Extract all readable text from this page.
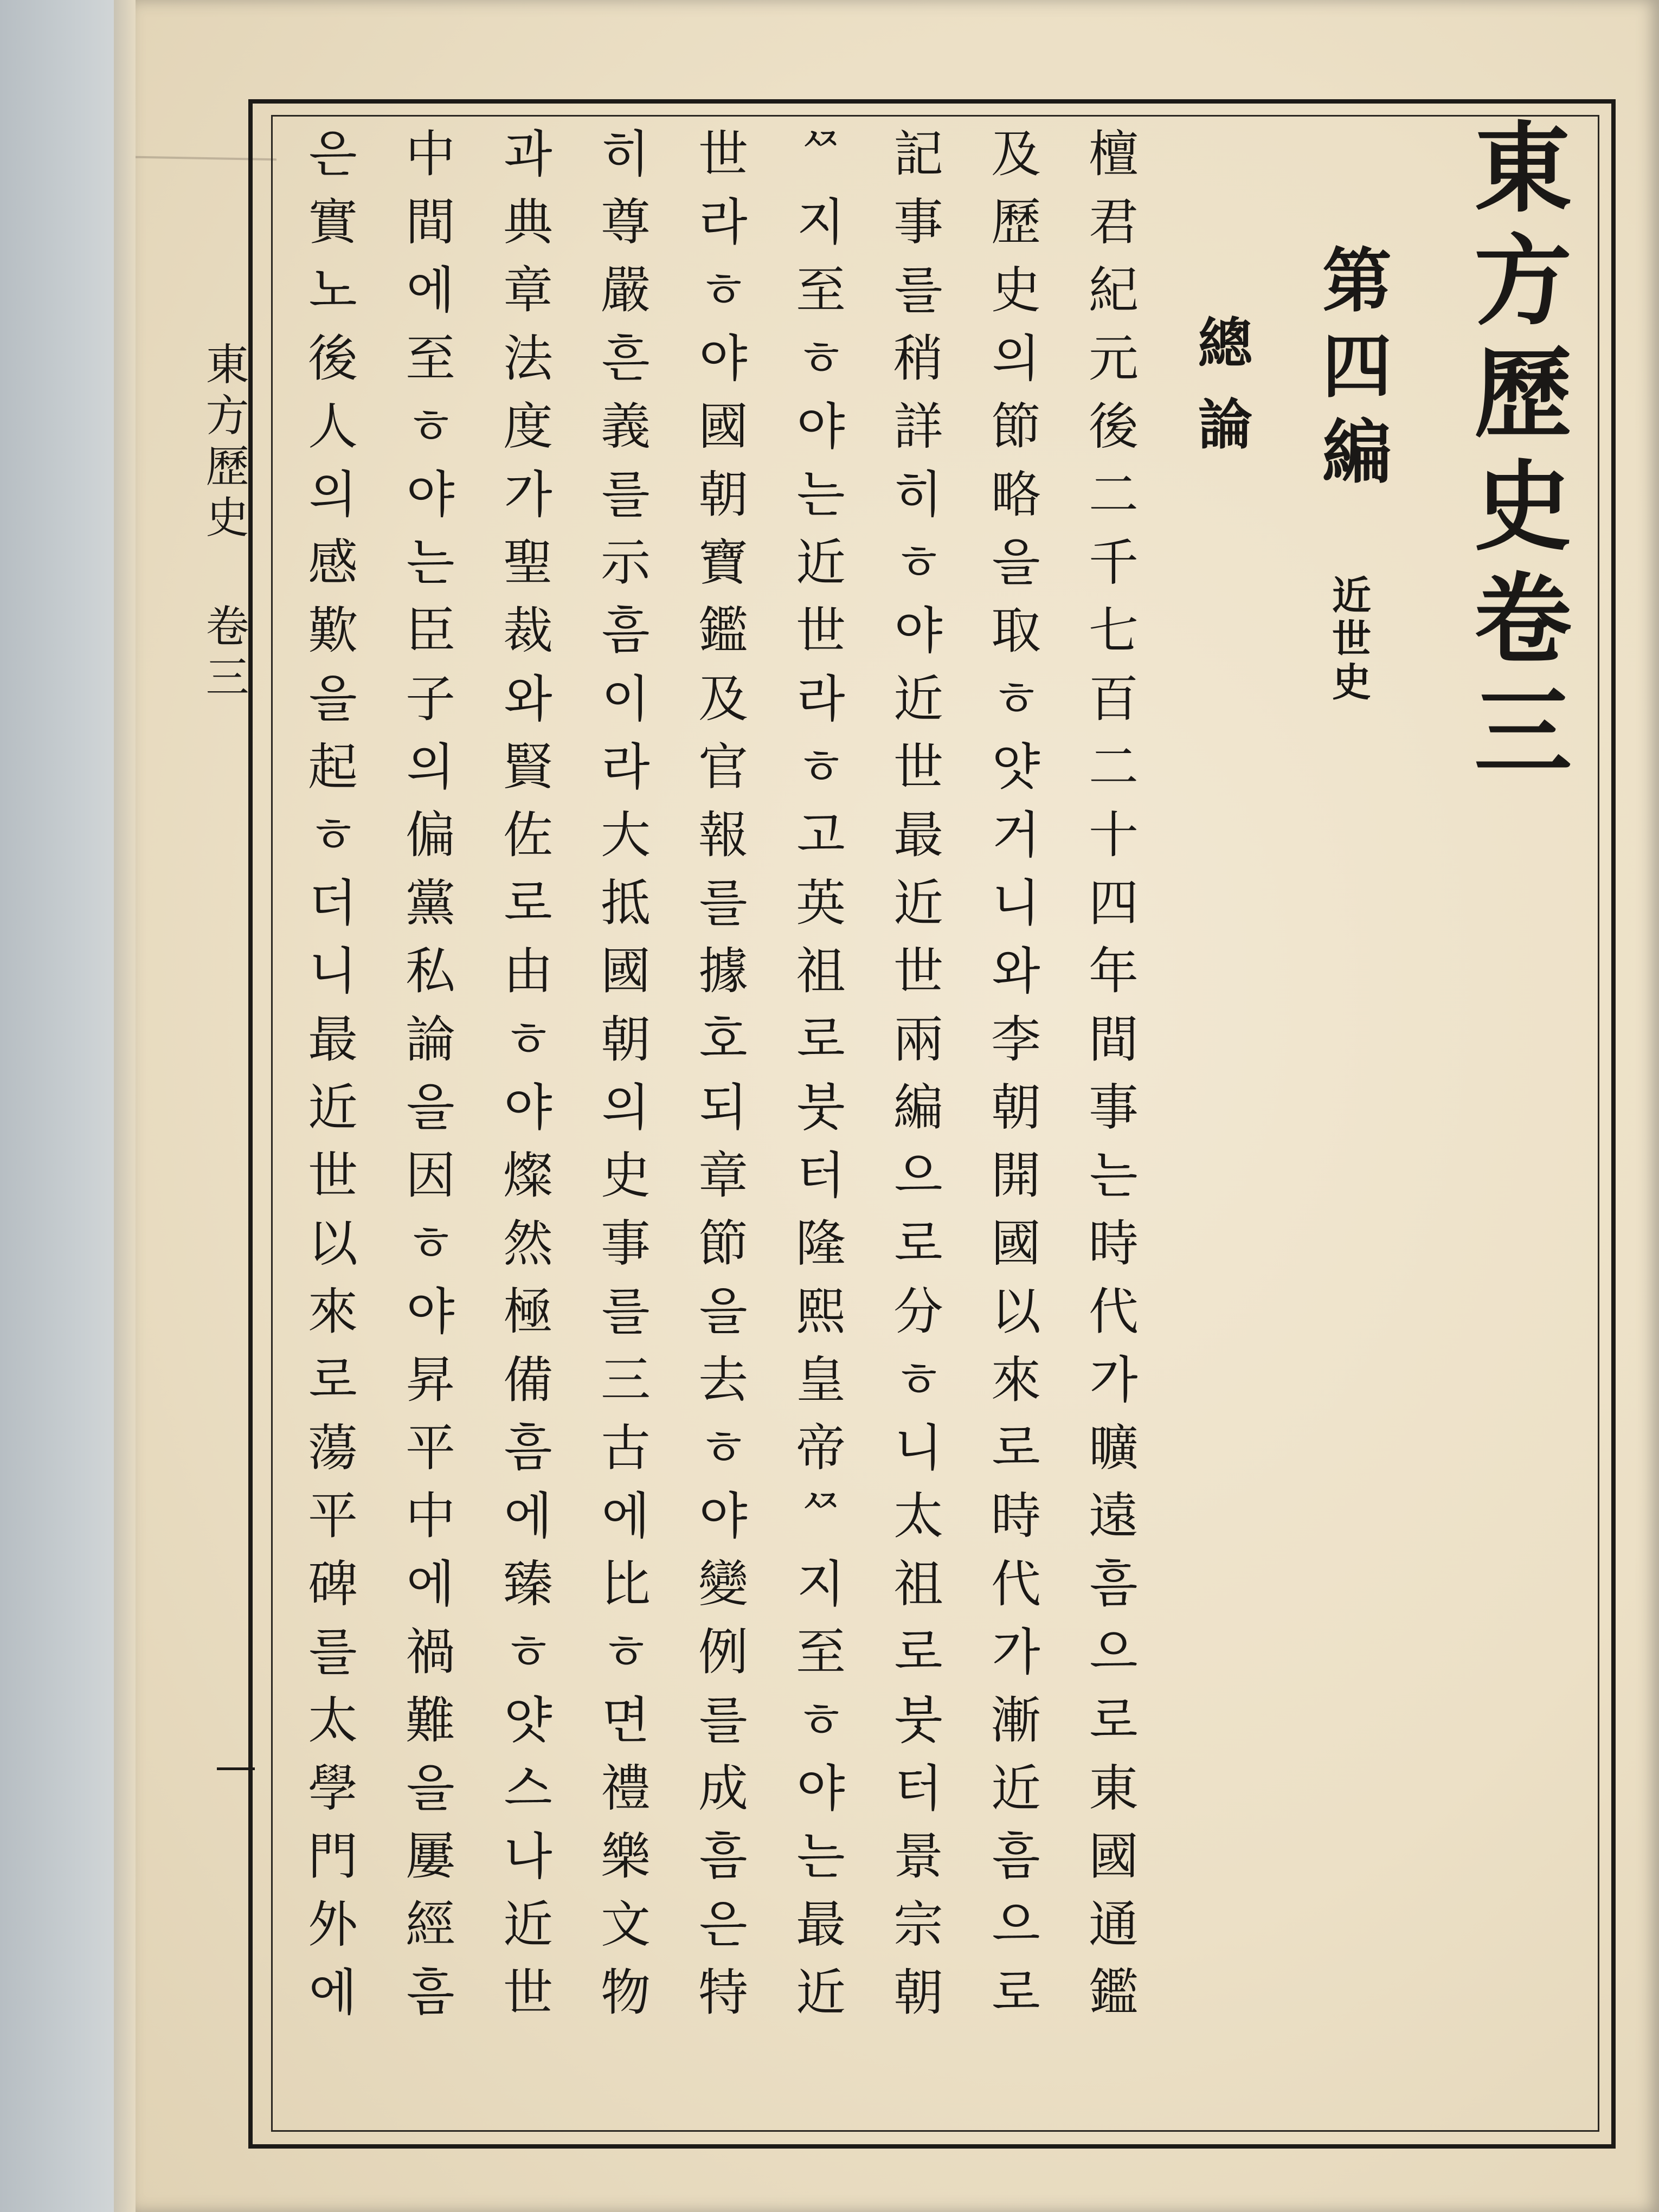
東方歷史卷三
第四編
近世史
總論
檀君紀元後二千七百二十四年間事는時代가曠遠흠으로東國通鑑
及歷史의節略을取ㅎ얏거니와李朝開國以來로時代가漸近흠으로
記事를稍詳히ㅎ야近世最近世兩編으로分ㅎ니太祖로붓터景宗朝
ᄶ지至ㅎ야는近世라ㅎ고英祖로붓터隆熙皇帝ᄶ지至ㅎ야는最近
世라ㅎ야國朝寶鑑及官報를據호되章節을去ㅎ야變例를成흠은特
히尊嚴흔義를示흠이라大抵國朝의史事를三古에比ㅎ면禮樂文物
과典章法度가聖裁와賢佐로由ㅎ야燦然極備흠에臻ㅎ얏스나近世
中間에至ㅎ야는臣子의偏黨私論을因ㅎ야昇平中에禍難을屢經흠
은實노後人의感歎을起ㅎ더니最近世以來로蕩平碑를太學門外에
東方歷史 卷三
